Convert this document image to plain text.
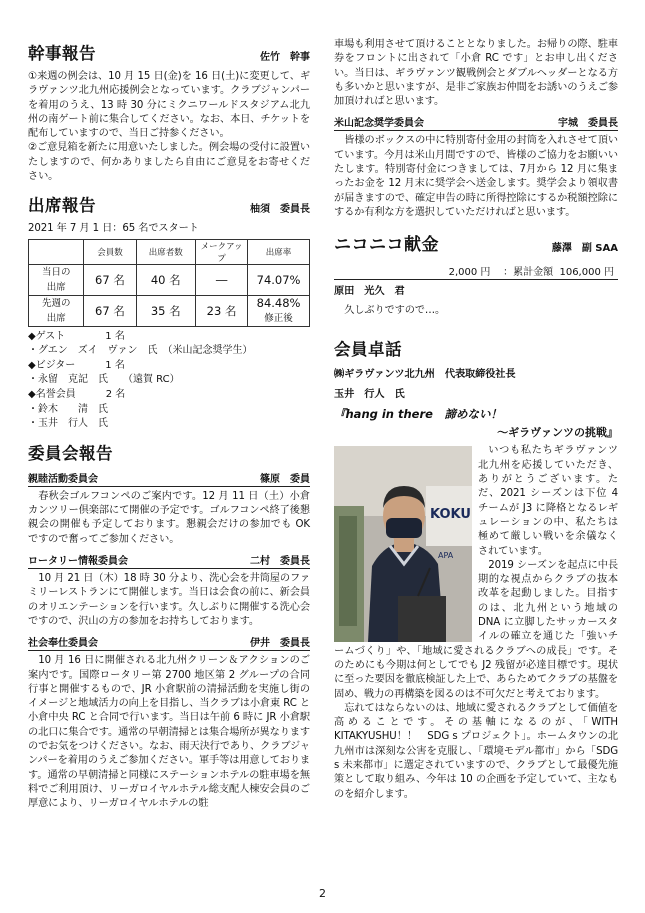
幹事報告	佐竹　幹事

①来週の例会は、10 月 15 日(金)を 16 日(土)に変更して、ギラヴァンツ北九州応援例会となっています。クラブジャンパーを着用のうえ、13 時 30 分にミクニワールドスタジアム北九州の南ゲート前に集合してください。なお、本日、チケットを配布していますので、当日ご持参ください。

②ご意見箱を新たに用意いたしました。例会場の受付に設置いたしますので、何かありましたら自由にご意見をお寄せください。

出席報告	柚須　委員長

2021 年 7 月 1 日：65 名でスタート

	会員数	出席者数	メークアップ	出席率
当日の
出席	67 名	40 名	―	74.07%
先週の
出席	67 名	35 名	23 名	84.48%
修正後
◆ゲスト　　　　1 名
・グエン　ズイ　ヴァン　氏　（米山記念奨学生）
◆ビジター　　　1 名
・永留　克記　氏　　（遠賀 RC）
◆名誉会員　　　2 名
・鈴木　　清　氏
・玉井　行人　氏
委員会報告
親睦活動委員会	篠原　委員

春秋会ゴルフコンペのご案内です。12 月 11 日（土）小倉カンツリー倶楽部にて開催の予定です。ゴルフコンペ終了後懇親会の開催も予定しております。懇親会だけの参加でも OK ですので奮ってご参加ください。

ロータリー情報委員会	二村　委員長

10 月 21 日（木）18 時 30 分より、洗心会を井筒屋のファミリーレストランにて開催します。当日は会食の前に、新会員のオリエンテーションを行います。久しぶりに開催する洗心会ですので、沢山の方の参加をお持ちしております。

社会奉仕委員会	伊井　委員長

10 月 16 日に開催される北九州クリーン＆アクションのご案内です。国際ロータリー第 2700 地区第 2 グループの合同行事と開催するもので、JR 小倉駅前の清掃活動を実施し街のイメージと地域活力の向上を目指し、当クラブは小倉東 RC と小倉中央 RC と合同で行います。当日は午前 6 時に JR 小倉駅の北口に集合です。通常の早朝清掃とは集合場所が異なりますのでお気をつけください。なお、雨天決行であり、クラブジャンパーを着用のうえご参加ください。軍手等は用意しております。通常の早朝清掃と同様にステーションホテルの駐車場を無料でご利用頂け、リーガロイヤルホテル総支配人棟安会員のご厚意により、リーガロイヤルホテルの駐

車場も利用させて頂けることとなりました。お帰りの際、駐車券をフロントに出されて「小倉 RC です」とお申し出ください。当日は、ギラヴァンツ観戦例会とダブルヘッダーとなる方も多いかと思いますが、是非ご家族お仲間をお誘いのうえご参加頂ければと思います。

米山記念奨学委員会	宇城　委員長

皆様のボックスの中に特別寄付金用の封筒を入れさせて頂いています。今月は米山月間ですので、皆様のご協力をお願いいたします。特別寄付金につきましては、7月から 12 月に集まったお金を 12 月末に奨学会へ送金します。奨学会より領収書が届きますので、確定申告の時に所得控除にするか税額控除にするか有利な方を選択していただければと思います。

ニコニコ献金	藤澤　副 SAA
2,000 円 ：累計金額 106,000 円

原田　光久　君

久しぶりですので…。

会員卓話

㈱ギラヴァンツ北九州　代表取締役社長

玉井　行人　氏

『hang in there　諦めない！
～ギラヴァンツの挑戦』
KOKU
APA

いつも私たちギラヴァンツ北九州を応援していただき、ありがとうございます。ただ、2021 シーズンは下位 4 チームが J3 に降格となるレギュレーションの中、私たちは極めて厳しい戦いを余儀なくされています。

2019 シーズンを起点に中長期的な視点からクラブの抜本改革を起動しました。目指すのは、北九州という地域の DNA に立脚したサッカースタイルの確立を通じた「強いチームづくり」や、「地域に愛されるクラブへの成長」です。そのためにも今期は何としてでも J2 残留が必達目標です。現状に至った要因を徹底検証した上で、あらためてクラブの基盤を固め、戦力の再構築を図るのは不可欠だと考えております。

忘れてはならないのは、地域に愛されるクラブとして価値を高めることです。その基軸になるのが、「WITH KITAKYUSHU！！　SDG s プロジェクト」。ホームタウンの北九州市は深刻な公害を克服し、「環境モデル都市」から「SDG s 未来都市」に選定されていますので、クラブとして最優先施策として取り組み、今年は 10 の企画を予定していて、主なものを紹介します。

2
